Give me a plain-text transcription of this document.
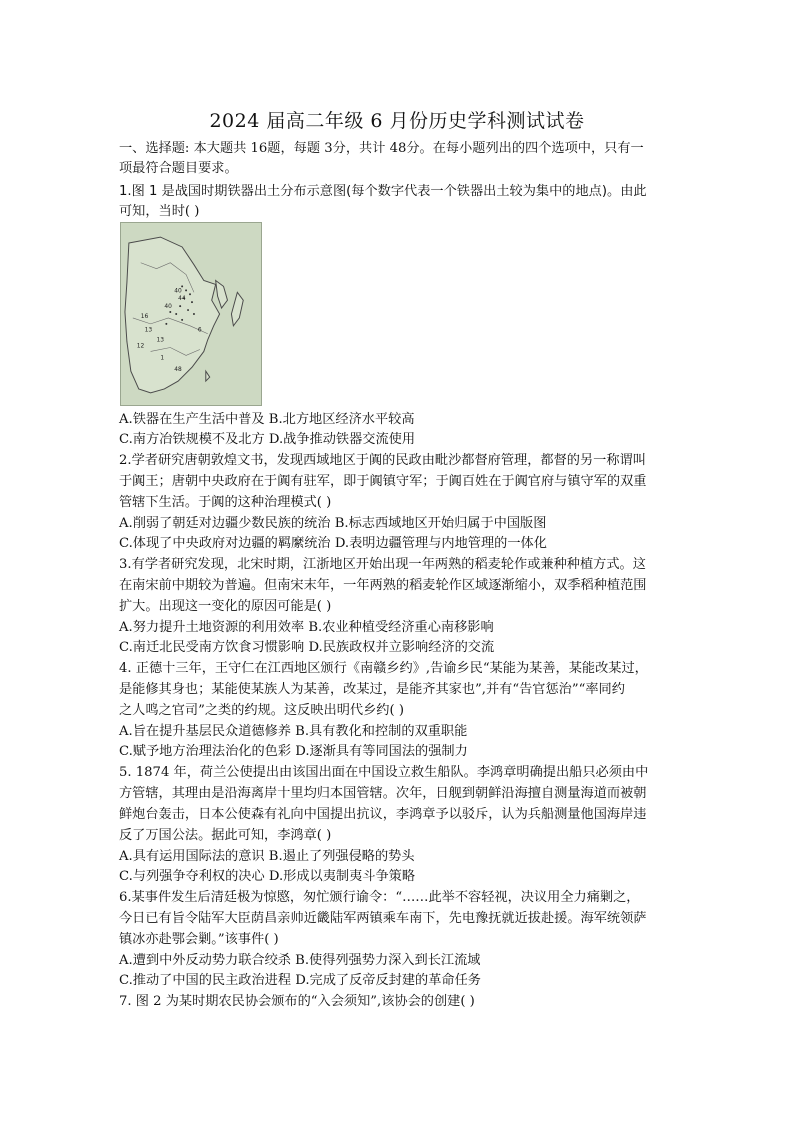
2024 届高二年级 6 月份历史学科测试试卷
一、选择题: 本大题共 16题，每题 3分，共计 48分。在每小题列出的四个选项中，只有一
项最符合题目要求。
1.图 1 是战国时期铁器出土分布示意图(每个数字代表一个铁器出土较为集中的地点)。由此
可知，当时( )
40
44
16
40
13
12
13
48
6
1
A.铁器在生产生活中普及 B.北方地区经济水平较高
C.南方冶铁规模不及北方 D.战争推动铁器交流使用
2.学者研究唐朝敦煌文书，发现西域地区于阗的民政由毗沙都督府管理，都督的另一称谓叫
于阗王；唐朝中央政府在于阗有驻军，即于阗镇守军；于阗百姓在于阗官府与镇守军的双重
管辖下生活。于阗的这种治理模式( )
A.削弱了朝廷对边疆少数民族的统治 B.标志西域地区开始归属于中国版图
C.体现了中央政府对边疆的羁縻统治 D.表明边疆管理与内地管理的一体化
3.有学者研究发现，北宋时期，江浙地区开始出现一年两熟的稻麦轮作或兼种种植方式。这
在南宋前中期较为普遍。但南宋末年，一年两熟的稻麦轮作区域逐渐缩小，双季稻种植范围
扩大。出现这一变化的原因可能是( )
A.努力提升土地资源的利用效率 B.农业种植受经济重心南移影响
C.南迁北民受南方饮食习惯影响 D.民族政权并立影响经济的交流
4. 正德十三年，王守仁在江西地区颁行《南赣乡约》,告谕乡民“某能为某善，某能改某过，
是能修其身也；某能使某族人为某善，改某过，是能齐其家也”,并有“告官惩治”“率同约
之人鸣之官司”之类的约规。这反映出明代乡约( )
A.旨在提升基层民众道德修养 B.具有教化和控制的双重职能
C.赋予地方治理法治化的色彩 D.逐渐具有等同国法的强制力
5. 1874 年，荷兰公使提出由该国出面在中国设立救生船队。李鸿章明确提出船只必须由中
方管辖，其理由是沿海离岸十里均归本国管辖。次年，日舰到朝鲜沿海擅自测量海道而被朝
鲜炮台轰击，日本公使森有礼向中国提出抗议，李鸿章予以驳斥，认为兵船测量他国海岸违
反了万国公法。据此可知，李鸿章( )
A.具有运用国际法的意识 B.遏止了列强侵略的势头
C.与列强争夺利权的决心 D.形成以夷制夷斗争策略
6.某事件发生后清廷极为惊愍，匆忙颁行谕令：“……此举不容轻视，决议用全力痛剿之，
今日已有旨令陆军大臣荫昌亲帅近畿陆军两镇乘车南下，先电豫抚就近拔赴援。海军统领萨
镇冰亦赴鄂会剿。”该事件( )
A.遭到中外反动势力联合绞杀 B.使得列强势力深入到长江流域
C.推动了中国的民主政治进程 D.完成了反帝反封建的革命任务
7. 图 2 为某时期农民协会颁布的“入会须知”,该协会的创建( )
